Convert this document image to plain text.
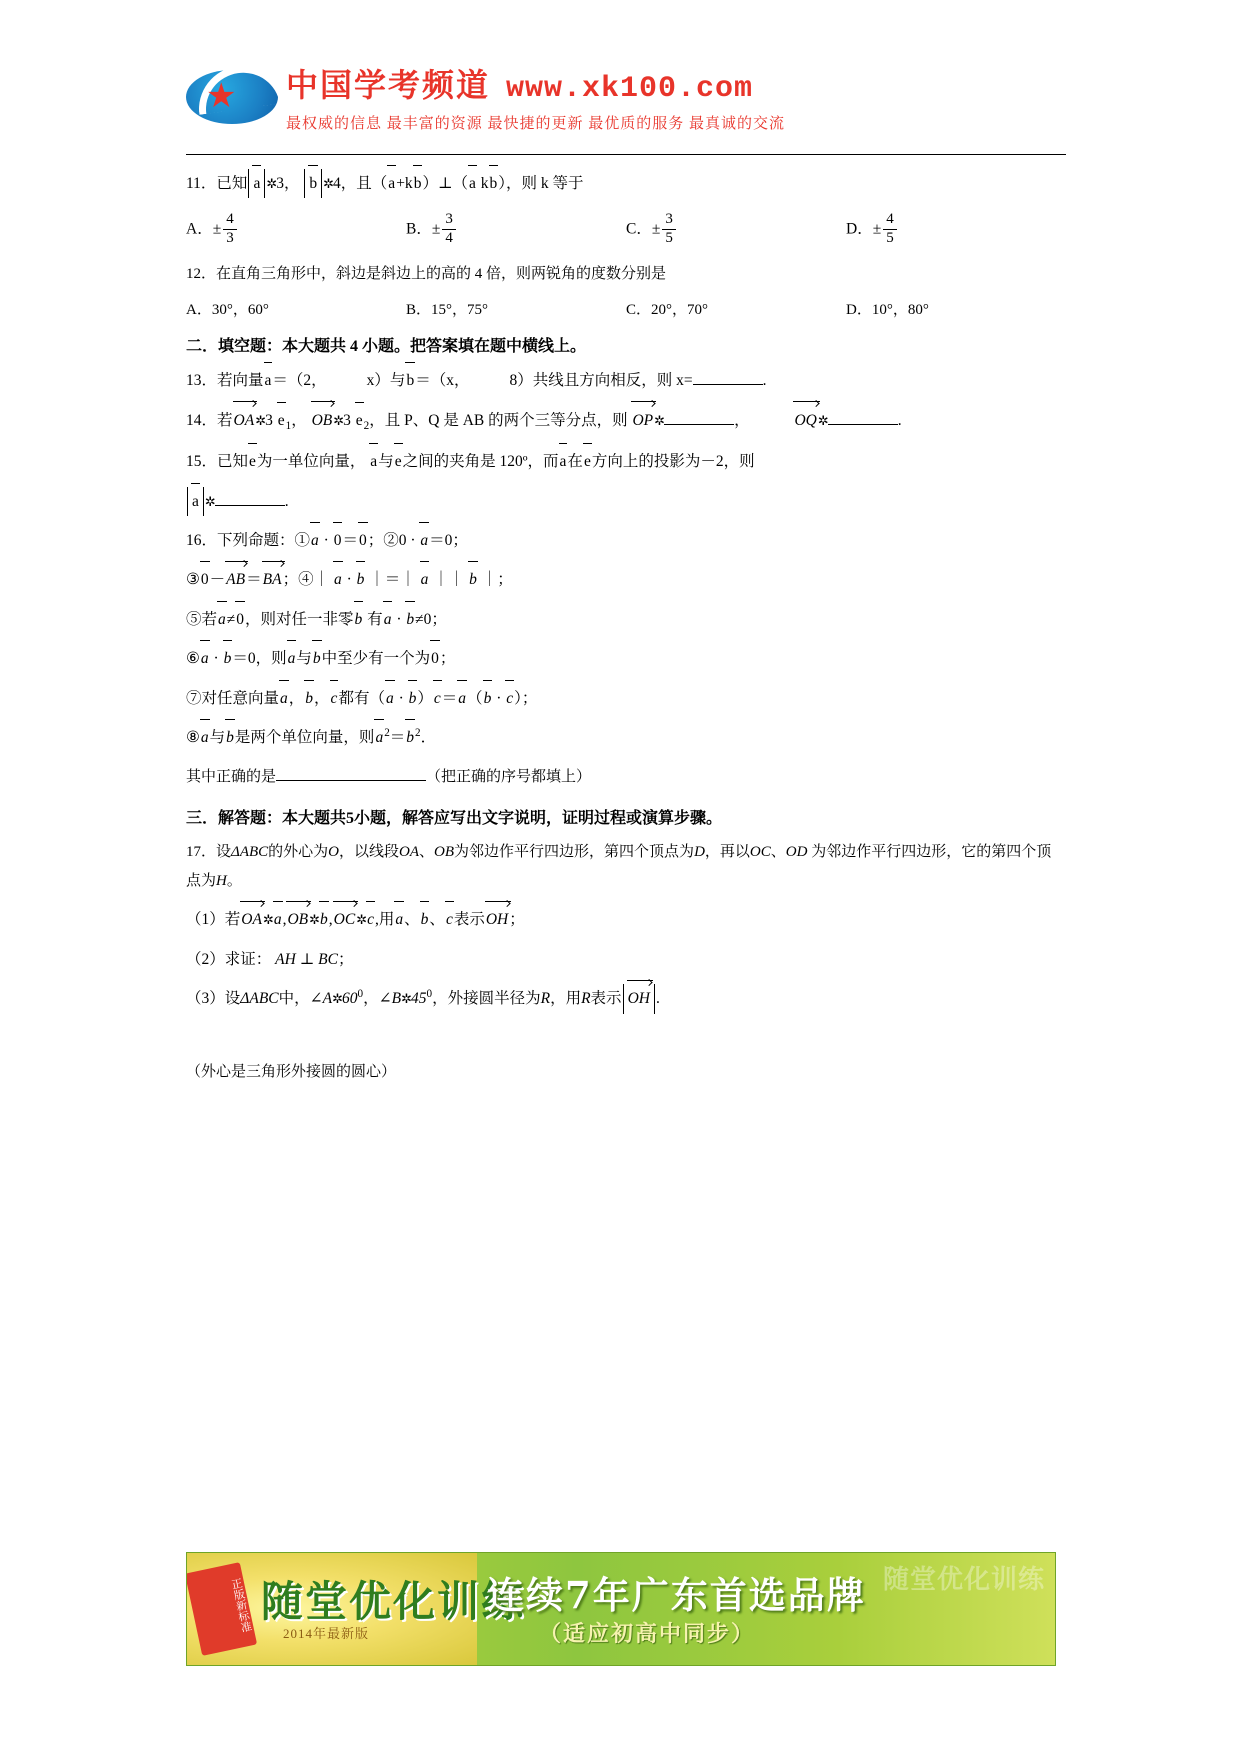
中国学考频道 www.xk100.com
最权威的信息 最丰富的资源 最快捷的更新 最优质的服务 最真诚的交流
11．已知 a ✲3， b ✲4，且（a+kb）⊥（a kb），则 k 等于
A．± $\frac{4}{3}$	B．± $\frac{3}{4}$	C．± $\frac{3}{5}$	D．± $\frac{4}{5}$
12．在直角三角形中，斜边是斜边上的高的 4 倍，则两锐角的度数分别是
A．30°，60°	B．15°，75°	C．20°，70°	D．10°，80°
二．填空题：本大题共 4 小题。把答案填在题中横线上。
13．若向量a＝（2，	x）与b＝（x，	8）共线且方向相反，则 x=	.
14．若OA✲3 $e_1$， OB✲3 $e_2$，且 P、Q 是 AB 的两个三等分点，则 OP✲	，	OQ✲	.
15．已知e为一单位向量， a与e之间的夹角是 120º，而a在e方向上的投影为－2，则
a ✲	.
16．下列命题：①a · 0＝0；②0 · a＝0；
③0－AB＝BA；④｜ a · b ｜＝｜ a ｜｜ b ｜；
⑤若a≠0，则对任一非零b 有a · b≠0；
⑥a · b＝0，则a与b中至少有一个为0；
⑦对任意向量a，b，c都有（a · b）c＝a（b · c）；
⑧a与b是两个单位向量，则$a^2=b^2$．
其中正确的是	（把正确的序号都填上）
三．解答题：本大题共5小题，解答应写出文字说明，证明过程或演算步骤。
17．设ΔABC的外心为O，以线段OA、OB为邻边作平行四边形，第四个顶点为D，再以OC、OD 为邻边作平行四边形，它的第四个顶点为H。
（1）若OA✲a,OB✲b,OC✲c,用a、b、c表示OH；
（2）求证： AH ⊥ BC；
（3）设ΔABC中，$\angle A✲60^0$，$\angle B✲45^0$，外接圆半径为R，用R表示 OH .
（外心是三角形外接圆的圆心）
正版新标准 随堂优化训练
2014年最新版
连续7年广东首选品牌
（适应初高中同步）
随堂优化训练
